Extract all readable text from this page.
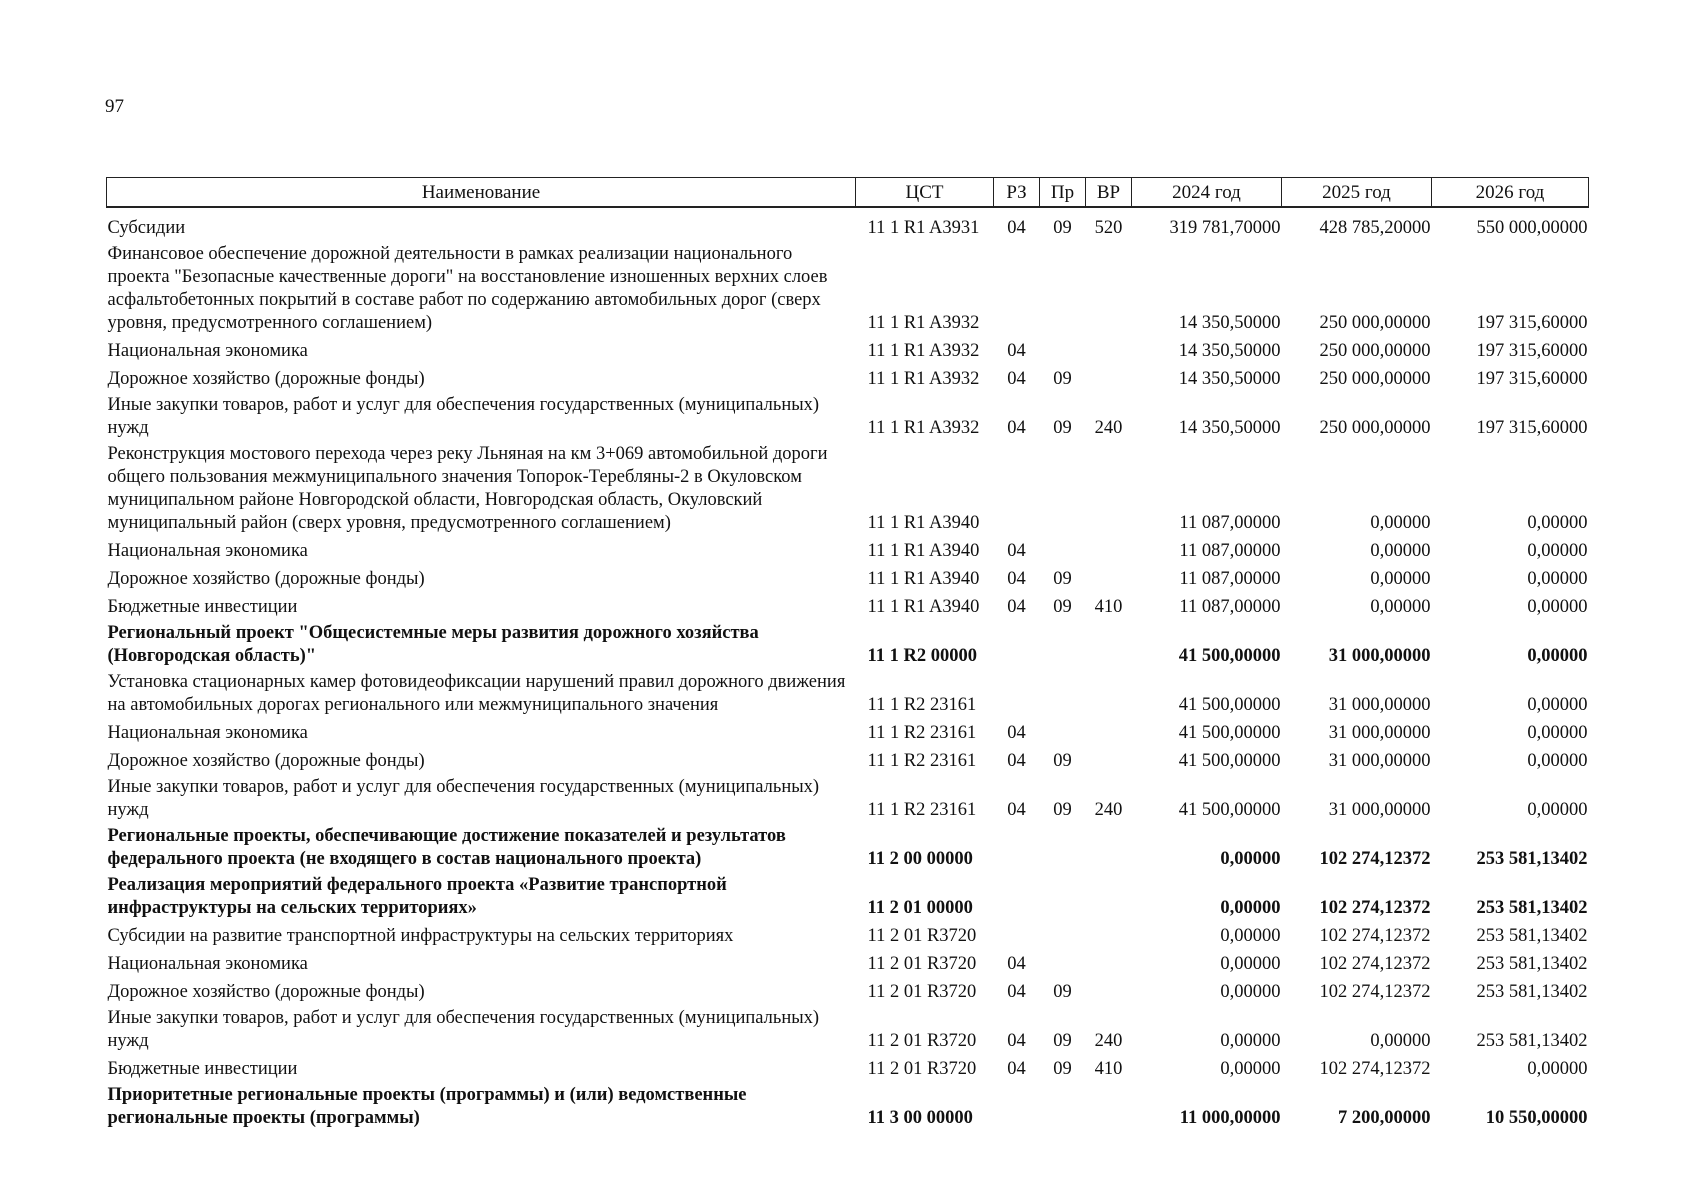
97
Наименование	ЦСТ	РЗ	Пр	ВР	2024 год	2025 год	2026 год
Субсидии	11 1 R1 A3931	04	09	520	319 781,70000	428 785,20000	550 000,00000
Финансовое обеспечение дорожной деятельности в рамках реализации национального проекта "Безопасные качественные дороги" на восстановление изношенных верхних слоев асфальтобетонных покрытий в составе работ по содержанию автомобильных дорог (сверх уровня, предусмотренного соглашением)	11 1 R1 A3932				14 350,50000	250 000,00000	197 315,60000
Национальная экономика	11 1 R1 A3932	04			14 350,50000	250 000,00000	197 315,60000
Дорожное хозяйство (дорожные фонды)	11 1 R1 A3932	04	09		14 350,50000	250 000,00000	197 315,60000
Иные закупки товаров, работ и услуг для обеспечения государственных (муниципальных) нужд	11 1 R1 A3932	04	09	240	14 350,50000	250 000,00000	197 315,60000
Реконструкция мостового перехода через реку Льняная на км 3+069 автомобильной дороги общего пользования межмуниципального значения Топорок-Теребляны-2 в Окуловском муниципальном районе Новгородской области, Новгородская область, Окуловский муниципальный район (сверх уровня, предусмотренного соглашением)	11 1 R1 A3940				11 087,00000	0,00000	0,00000
Национальная экономика	11 1 R1 A3940	04			11 087,00000	0,00000	0,00000
Дорожное хозяйство (дорожные фонды)	11 1 R1 A3940	04	09		11 087,00000	0,00000	0,00000
Бюджетные инвестиции	11 1 R1 A3940	04	09	410	11 087,00000	0,00000	0,00000
Региональный проект "Общесистемные меры развития дорожного хозяйства (Новгородская область)"	11 1 R2 00000				41 500,00000	31 000,00000	0,00000
Установка стационарных камер фотовидеофиксации нарушений правил дорожного движения на автомобильных дорогах регионального или межмуниципального значения	11 1 R2 23161				41 500,00000	31 000,00000	0,00000
Национальная экономика	11 1 R2 23161	04			41 500,00000	31 000,00000	0,00000
Дорожное хозяйство (дорожные фонды)	11 1 R2 23161	04	09		41 500,00000	31 000,00000	0,00000
Иные закупки товаров, работ и услуг для обеспечения государственных (муниципальных) нужд	11 1 R2 23161	04	09	240	41 500,00000	31 000,00000	0,00000
Региональные проекты, обеспечивающие достижение показателей и результатов федерального проекта (не входящего в состав национального проекта)	11 2 00 00000				0,00000	102 274,12372	253 581,13402
Реализация мероприятий федерального проекта «Развитие транспортной инфраструктуры на сельских территориях»	11 2 01 00000				0,00000	102 274,12372	253 581,13402
Субсидии на развитие транспортной инфраструктуры на сельских территориях	11 2 01 R3720				0,00000	102 274,12372	253 581,13402
Национальная экономика	11 2 01 R3720	04			0,00000	102 274,12372	253 581,13402
Дорожное хозяйство (дорожные фонды)	11 2 01 R3720	04	09		0,00000	102 274,12372	253 581,13402
Иные закупки товаров, работ и услуг для обеспечения государственных (муниципальных) нужд	11 2 01 R3720	04	09	240	0,00000	0,00000	253 581,13402
Бюджетные инвестиции	11 2 01 R3720	04	09	410	0,00000	102 274,12372	0,00000
Приоритетные региональные проекты (программы) и (или) ведомственные региональные проекты (программы)	11 3 00 00000				11 000,00000	7 200,00000	10 550,00000
